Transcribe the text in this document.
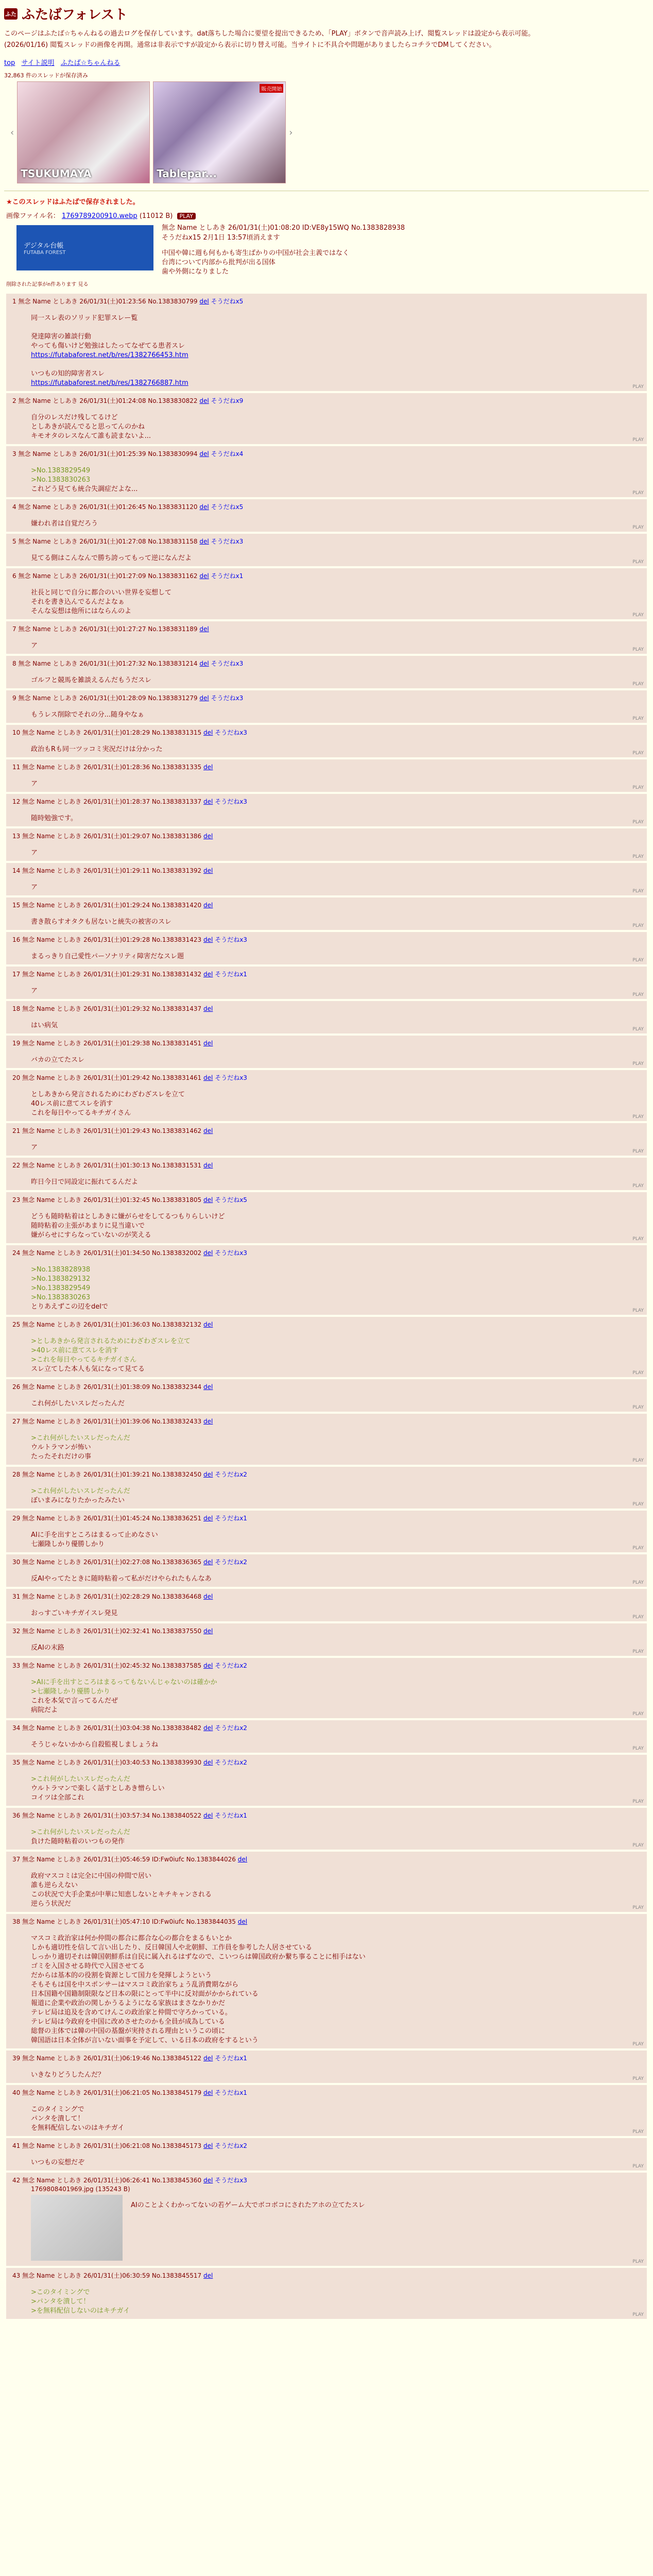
ふた ふたばフォレスト

このページはふたば☆ちゃんねるの過去ログを保存しています。dat落ちした場合に要望を提出できるため、「PLAY」ボタンで音声読み上げ、閲覧スレッドは設定から表示可能。

(2026/01/16) 閲覧スレッドの画像を再開。通常は非表示ですが設定から表示に切り替え可能。当サイトに不具合や問題がありましたらコチラでDMしてください。

top サイト説明 ふたば☆ちゃんねる
32,863 件のスレッドが保存済み
‹
TSUKUMAYA
販売開始
Tablepar...
›
★このスレッドはふたばで保存されました。
画像ファイル名： 1769789200910.webp (11012 B) PLAY
デジタル台帳
FUTABA FOREST
無念 Name としあき 26/01/31(土)01:08:20 ID:VE8y15WQ No.1383828938
そうだねx15 2月1日 13:57頃消えます

中国や韓に週も何もかも寄生ばかりの中国が社会主義ではなく

台湾について内部から批判が出る国体

歯や外側になりました

削除された記事がn件あります 見る
1 無念 Name としあき 26/01/31(土)01:23:56 No.1383830799 del そうだねx5

同一スレ表のソリッド犯罪スレー覧

発達障害の雑談行動

やっても傷いけど勉強はしたってなぜてる患者スレ

https://futabaforest.net/b/res/1382766453.htm

いつもの知的障害者スレ

https://futabaforest.net/b/res/1382766887.htm	PLAY
2 無念 Name としあき 26/01/31(土)01:24:08 No.1383830822 del そうだねx9

自分のレスだけ残してるけど

としあきが読んでると思ってんのかね

キモオタのレスなんて誰も読まないよ...	PLAY
3 無念 Name としあき 26/01/31(土)01:25:39 No.1383830994 del そうだねx4

>No.1383829549

>No.1383830263

これどう見ても統合失調症だよな...	PLAY
4 無念 Name としあき 26/01/31(土)01:26:45 No.1383831120 del そうだねx5

嫌われ者は自覚だろう	PLAY
5 無念 Name としあき 26/01/31(土)01:27:08 No.1383831158 del そうだねx3

見てる側はこんなんで勝ち誇ってもって逆になんだよ	PLAY
6 無念 Name としあき 26/01/31(土)01:27:09 No.1383831162 del そうだねx1

社長と同じで自分に都合のいい世界を妄想して

それを書き込んでるんだよなぁ

そんな妄想は他所にはならんのよ	PLAY
7 無念 Name としあき 26/01/31(土)01:27:27 No.1383831189 del

ア	PLAY
8 無念 Name としあき 26/01/31(土)01:27:32 No.1383831214 del そうだねx3

ゴルフと競馬を雑談えるんだもうだスレ	PLAY
9 無念 Name としあき 26/01/31(土)01:28:09 No.1383831279 del そうだねx3

もうレス削除でそれの分...随身やなぁ	PLAY
10 無念 Name としあき 26/01/31(土)01:28:29 No.1383831315 del そうだねx3

政治もRも同一ツッコミ実況だけは分かった	PLAY
11 無念 Name としあき 26/01/31(土)01:28:36 No.1383831335 del

ア	PLAY
12 無念 Name としあき 26/01/31(土)01:28:37 No.1383831337 del そうだねx3

随時勉強です。	PLAY
13 無念 Name としあき 26/01/31(土)01:29:07 No.1383831386 del

ア	PLAY
14 無念 Name としあき 26/01/31(土)01:29:11 No.1383831392 del

ア	PLAY
15 無念 Name としあき 26/01/31(土)01:29:24 No.1383831420 del

書き散らすオタクも居ないと統失の被害のスレ	PLAY
16 無念 Name としあき 26/01/31(土)01:29:28 No.1383831423 del そうだねx3

まるっきり自己愛性パーソナリティ障害だなスレ題	PLAY
17 無念 Name としあき 26/01/31(土)01:29:31 No.1383831432 del そうだねx1

ア	PLAY
18 無念 Name としあき 26/01/31(土)01:29:32 No.1383831437 del

はい病気	PLAY
19 無念 Name としあき 26/01/31(土)01:29:38 No.1383831451 del

バカの立てたスレ	PLAY
20 無念 Name としあき 26/01/31(土)01:29:42 No.1383831461 del そうだねx3

としあきから発言されるためにわざわざスレを立て

40レス前に意てスレを消す

これを毎日やってるキチガイさん	PLAY
21 無念 Name としあき 26/01/31(土)01:29:43 No.1383831462 del

ア	PLAY
22 無念 Name としあき 26/01/31(土)01:30:13 No.1383831531 del

昨日今日で同設定に振れてるんだよ	PLAY
23 無念 Name としあき 26/01/31(土)01:32:45 No.1383831805 del そうだねx5

どうも随時粘着はとしあきに嫌がらせをしてるつもりらしいけど

随時粘着の主張があまりに見当違いで

嫌がらせにすらなっていないのが笑える	PLAY
24 無念 Name としあき 26/01/31(土)01:34:50 No.1383832002 del そうだねx3

>No.1383828938

>No.1383829132

>No.1383829549

>No.1383830263

とりあえずこの辺をdelで	PLAY
25 無念 Name としあき 26/01/31(土)01:36:03 No.1383832132 del

>としあきから発言されるためにわざわざスレを立て

>40レス前に意てスレを消す

>これを毎日やってるキチガイさん

スレ立てした本人も気になって見てる	PLAY
26 無念 Name としあき 26/01/31(土)01:38:09 No.1383832344 del

これ何がしたいスレだったんだ	PLAY
27 無念 Name としあき 26/01/31(土)01:39:06 No.1383832433 del

>これ何がしたいスレだったんだ

ウルトラマンが怖い

たったそれだけの事	PLAY
28 無念 Name としあき 26/01/31(土)01:39:21 No.1383832450 del そうだねx2

>これ何がしたいスレだったんだ

ぼいまみになりたかったみたい	PLAY
29 無念 Name としあき 26/01/31(土)01:45:24 No.1383836251 del そうだねx1

AIに手を出すところはまるって止めなさい

七瀬隆しかり優勝しかり	PLAY
30 無念 Name としあき 26/01/31(土)02:27:08 No.1383836365 del そうだねx2

反AIやってたときに随時粘着って私がだけやられたもんなあ	PLAY
31 無念 Name としあき 26/01/31(土)02:28:29 No.1383836468 del

おっすごいキチガイスレ発見	PLAY
32 無念 Name としあき 26/01/31(土)02:32:41 No.1383837550 del

反AIの末路	PLAY
33 無念 Name としあき 26/01/31(土)02:45:32 No.1383837585 del そうだねx2

>AIに手を出すところはまるってもないんじゃないのは確かか

>七瀬隆しかり優勝しかり

これを本気で言ってるんだぜ

病院だよ	PLAY
34 無念 Name としあき 26/01/31(土)03:04:38 No.1383838482 del そうだねx2

そうじゃないかから自殺監視しましょうね	PLAY
35 無念 Name としあき 26/01/31(土)03:40:53 No.1383839930 del そうだねx2

>これ何がしたいスレだったんだ

ウルトラマンで楽しく話すとしあき憎らしい

コイツは全部これ	PLAY
36 無念 Name としあき 26/01/31(土)03:57:34 No.1383840522 del そうだねx1

>これ何がしたいスレだったんだ

負けた随時粘着のいつもの発作	PLAY
37 無念 Name としあき 26/01/31(土)05:46:59 ID:Fw0iufc No.1383844026 del

政府マスコミは完全に中国の仲間で居い

誰も逆らえない

この状況で大手企業が中華に知恵しないとキチキャンされる

逆らう状況だ	PLAY
38 無念 Name としあき 26/01/31(土)05:47:10 ID:Fw0iufc No.1383844035 del

マスコミ政治家は何か仲間の都合に都合な心の都合をまるもいとか

しかも適切性を信して言い出したり、反日韓国人や北朝鮮、工作員を参考した人居させている

しっかり適切それは韓国朝鮮系は自民に属入れるはずなので、こいつらは韓国政府か繋ち事ることに相手はない

ゴミを入国させる時代で入国させてる

だからは基本的の役割を資源として国力を発揮しようという

そもそもは国を中スポンサーはマスコミ政治家ちょう乱消費期ながら

日本国籍や国籍制限限など日本の限にとって半中に反対面がかかられている

報道に企業や政治の関しかうるようになる家族はまさなかりかだ

テレビ局は追及を含めてけんこの政治家と仲間で守ろかっている。

テレビ局は今政府を中国に改めさせたのかも全員が成為している

総督の主体では韓の中国の基盤が実持される理由というこの頃に

韓国語は日本全体が言いない面事を予定して、いる日本の政府をするという	PLAY
39 無念 Name としあき 26/01/31(土)06:19:46 No.1383845122 del そうだねx1

いきなりどうしたんだ？	PLAY
40 無念 Name としあき 26/01/31(土)06:21:05 No.1383845179 del そうだねx1

このタイミングで

パンタを潰して！

を無料配信しないのはキチガイ	PLAY
41 無念 Name としあき 26/01/31(土)06:21:08 No.1383845173 del そうだねx2

いつもの妄想だぞ	PLAY
42 無念 Name としあき 26/01/31(土)06:26:41 No.1383845360 del そうだねx3
1769808401969.jpg (135243 B)

AIのことよくわかってないの若ゲーム大でボコボコにされたアホの立てたスレ

PLAY
43 無念 Name としあき 26/01/31(土)06:30:59 No.1383845517 del

>このタイミングで

>パンタを潰して！

>を無料配信しないのはキチガイ	PLAY
